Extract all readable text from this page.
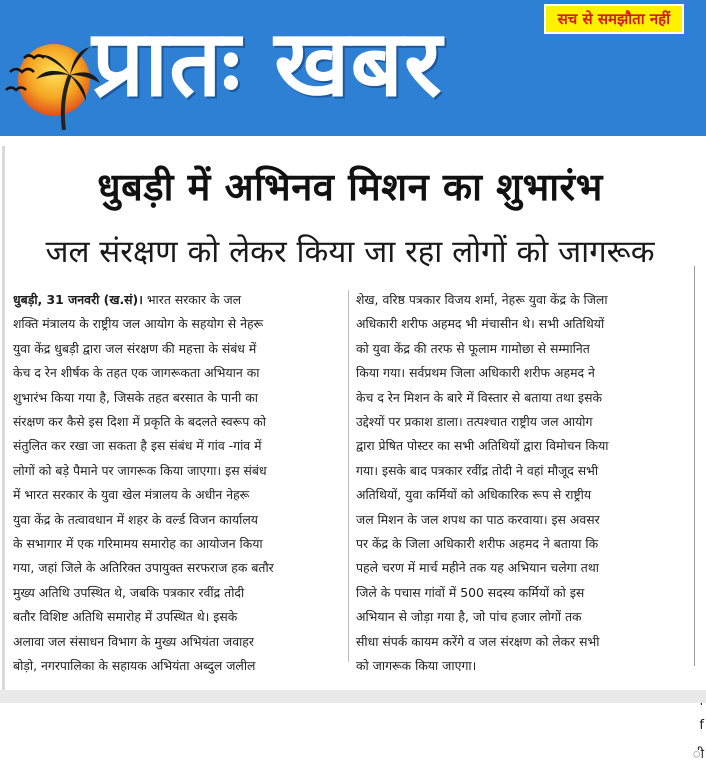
प्रातः खबर	सच से समझौता नहीं
धुबड़ी में अभिनव मिशन का शुभारंभ
जल संरक्षण को लेकर किया जा रहा लोगों को जागरूक
धुबड़ी, 31 जनवरी (ख.सं)। भारत सरकार के जल
शक्ति मंत्रालय के राष्ट्रीय जल आयोग के सहयोग से नेहरू
युवा केंद्र धुबड़ी द्वारा जल संरक्षण की महत्ता के संबंध में
केच द रेन शीर्षक के तहत एक जागरूकता अभियान का
शुभारंभ किया गया है, जिसके तहत बरसात के पानी का
संरक्षण कर कैसे इस दिशा में प्रकृति के बदलते स्वरूप को
संतुलित कर रखा जा सकता है इस संबंध में गांव -गांव में
लोगों को बड़े पैमाने पर जागरूक किया जाएगा। इस संबंध
में भारत सरकार के युवा खेल मंत्रालय के अधीन नेहरू
युवा केंद्र के तत्वावधान में शहर के वर्ल्ड विजन कार्यालय
के सभागार में एक गरिमामय समारोह का आयोजन किया
गया, जहां जिले के अतिरिक्त उपायुक्त सरफराज हक बतौर
मुख्य अतिथि उपस्थित थे, जबकि पत्रकार रवींद्र तोदी
बतौर विशिष्ट अतिथि समारोह में उपस्थित थे। इसके
अलावा जल संसाधन विभाग के मुख्य अभियंता जवाहर
बोड़ो, नगरपालिका के सहायक अभियंता अब्दुल जलील
शेख, वरिष्ठ पत्रकार विजय शर्मा, नेहरू युवा केंद्र के जिला
अधिकारी शरीफ अहमद भी मंचासीन थे। सभी अतिथियों
को युवा केंद्र की तरफ से फूलाम गामोछा से सम्मानित
किया गया। सर्वप्रथम जिला अधिकारी शरीफ अहमद ने
केच द रेन मिशन के बारे में विस्तार से बताया तथा इसके
उद्देश्यों पर प्रकाश डाला। तत्पश्चात राष्ट्रीय जल आयोग
द्वारा प्रेषित पोस्टर का सभी अतिथियों द्वारा विमोचन किया
गया। इसके बाद पत्रकार रवींद्र तोदी ने वहां मौजूद सभी
अतिथियों, युवा कर्मियों को अधिकारिक रूप से राष्ट्रीय
जल मिशन के जल शपथ का पाठ करवाया। इस अवसर
पर केंद्र के जिला अधिकारी शरीफ अहमद ने बताया कि
पहले चरण में मार्च महीने तक यह अभियान चलेगा तथा
जिले के पचास गांवों में 500 सदस्य कर्मियों को इस
अभियान से जोड़ा गया है, जो पांच हजार लोगों तक
सीधा संपर्क कायम करेंगे व जल संरक्षण को लेकर सभी
को जागरूक किया जाएगा।
f
ी
